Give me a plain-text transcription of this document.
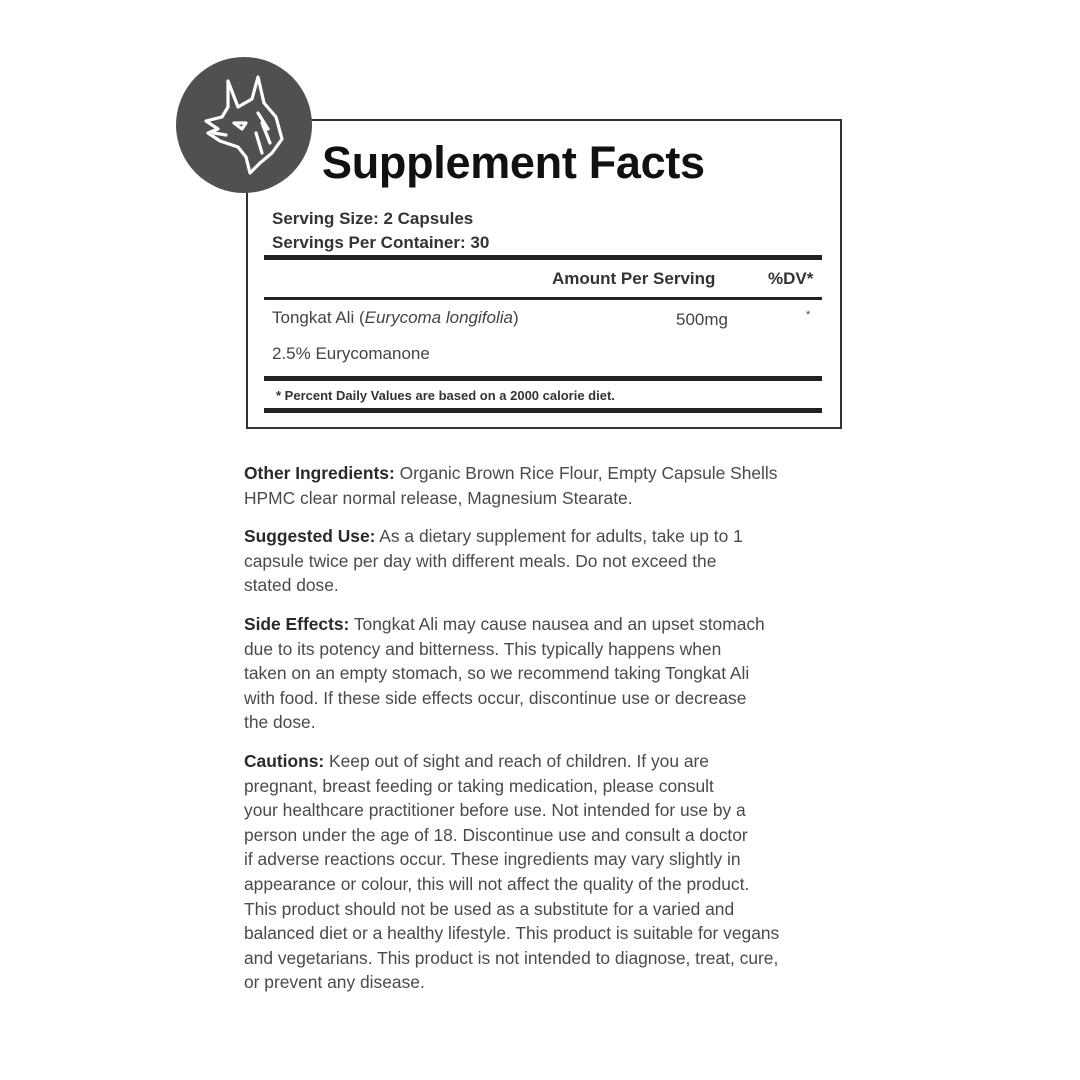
Supplement Facts
Serving Size: 2 Capsules
Servings Per Container: 30
Amount Per Serving	%DV*
Tongkat Ali (Eurycoma longifolia)	500mg	*
2.5% Eurycomanone
* Percent Daily Values are based on a 2000 calorie diet.

Other Ingredients: Organic Brown Rice Flour, Empty Capsule Shells
HPMC clear normal release, Magnesium Stearate.

Suggested Use: As a dietary supplement for adults, take up to 1
capsule twice per day with different meals. Do not exceed the
stated dose.

Side Effects: Tongkat Ali may cause nausea and an upset stomach
due to its potency and bitterness. This typically happens when
taken on an empty stomach, so we recommend taking Tongkat Ali
with food. If these side effects occur, discontinue use or decrease
the dose.

Cautions: Keep out of sight and reach of children. If you are
pregnant, breast feeding or taking medication, please consult
your healthcare practitioner before use. Not intended for use by a
person under the age of 18. Discontinue use and consult a doctor
if adverse reactions occur. These ingredients may vary slightly in
appearance or colour, this will not affect the quality of the product.
This product should not be used as a substitute for a varied and
balanced diet or a healthy lifestyle. This product is suitable for vegans
and vegetarians. This product is not intended to diagnose, treat, cure,
or prevent any disease.
